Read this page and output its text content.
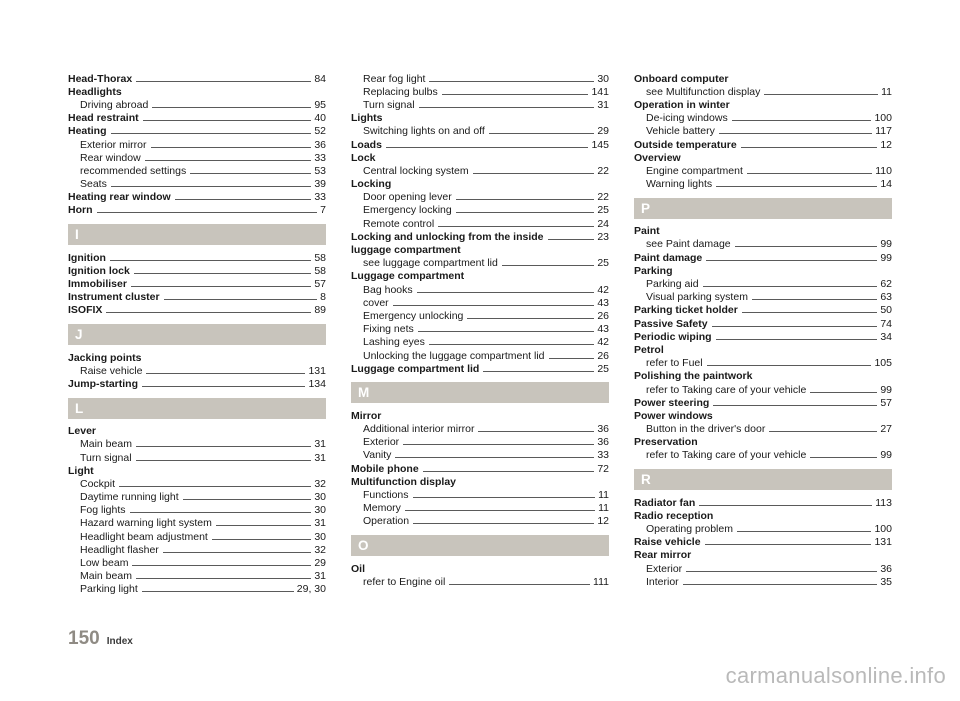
Head-Thorax	84
Headlights
Driving abroad	95
Head restraint	40
Heating	52
Exterior mirror	36
Rear window	33
recommended settings	53
Seats	39
Heating rear window	33
Horn	7
I
Ignition	58
Ignition lock	58
Immobiliser	57
Instrument cluster	8
ISOFIX	89
J
Jacking points
Raise vehicle	131
Jump-starting	134
L
Lever
Main beam	31
Turn signal	31
Light
Cockpit	32
Daytime running light	30
Fog lights	30
Hazard warning light system	31
Headlight beam adjustment	30
Headlight flasher	32
Low beam	29
Main beam	31
Parking light	29, 30
Rear fog light	30
Replacing bulbs	141
Turn signal	31
Lights
Switching lights on and off	29
Loads	145
Lock
Central locking system	22
Locking
Door opening lever	22
Emergency locking	25
Remote control	24
Locking and unlocking from the inside	23
luggage compartment
see luggage compartment lid	25
Luggage compartment
Bag hooks	42
cover	43
Emergency unlocking	26
Fixing nets	43
Lashing eyes	42
Unlocking the luggage compartment lid	26
Luggage compartment lid	25
M
Mirror
Additional interior mirror	36
Exterior	36
Vanity	33
Mobile phone	72
Multifunction display
Functions	11
Memory	11
Operation	12
O
Oil
refer to Engine oil	111
Onboard computer
see Multifunction display	11
Operation in winter
De-icing windows	100
Vehicle battery	117
Outside temperature	12
Overview
Engine compartment	110
Warning lights	14
P
Paint
see Paint damage	99
Paint damage	99
Parking
Parking aid	62
Visual parking system	63
Parking ticket holder	50
Passive Safety	74
Periodic wiping	34
Petrol
refer to Fuel	105
Polishing the paintwork
refer to Taking care of your vehicle	99
Power steering	57
Power windows
Button in the driver's door	27
Preservation
refer to Taking care of your vehicle	99
R
Radiator fan	113
Radio reception
Operating problem	100
Raise vehicle	131
Rear mirror
Exterior	36
Interior	35
150 Index
carmanualsonline.info
